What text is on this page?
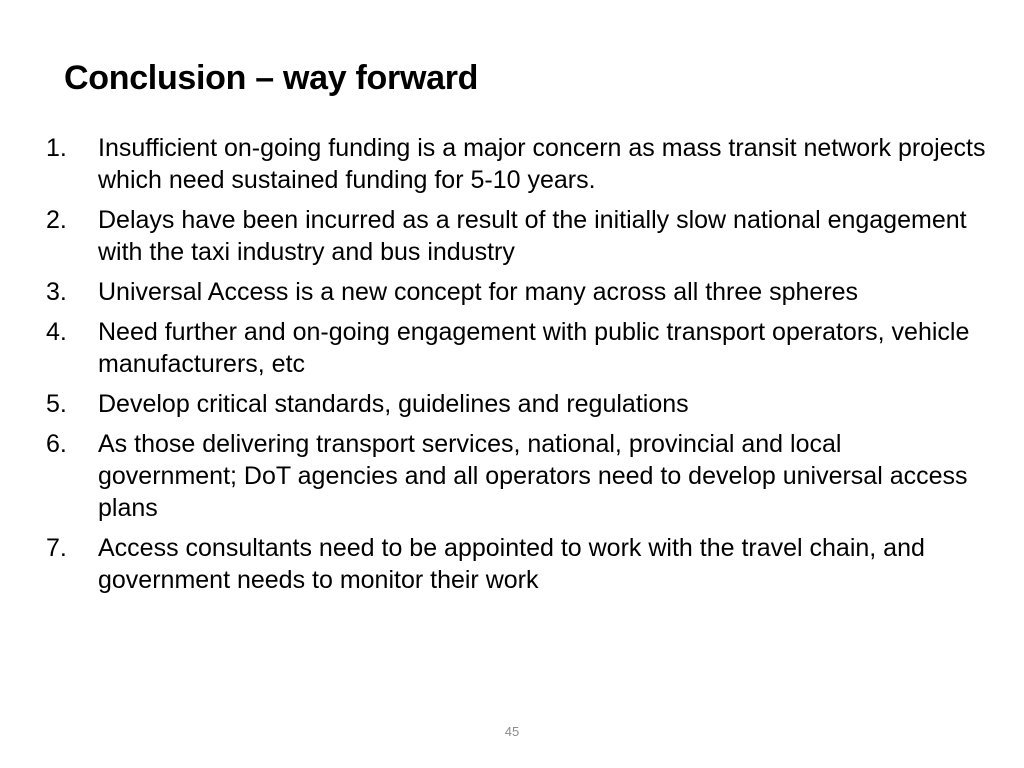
Conclusion – way forward
1.	Insufficient on-going funding is a major concern as mass transit network projects which need sustained funding for 5-10 years.
2.	Delays have been incurred as a result of the initially slow national engagement with the taxi industry and bus industry
3.	Universal Access is a new concept for many across all three spheres
4.	Need further and on-going engagement with public transport operators, vehicle manufacturers, etc
5.	Develop critical standards, guidelines and regulations
6.	As those delivering transport services, national, provincial and local government; DoT agencies and all operators need to develop universal access plans
7.	Access consultants need to be appointed to work with the travel chain, and government needs to monitor their work
45
